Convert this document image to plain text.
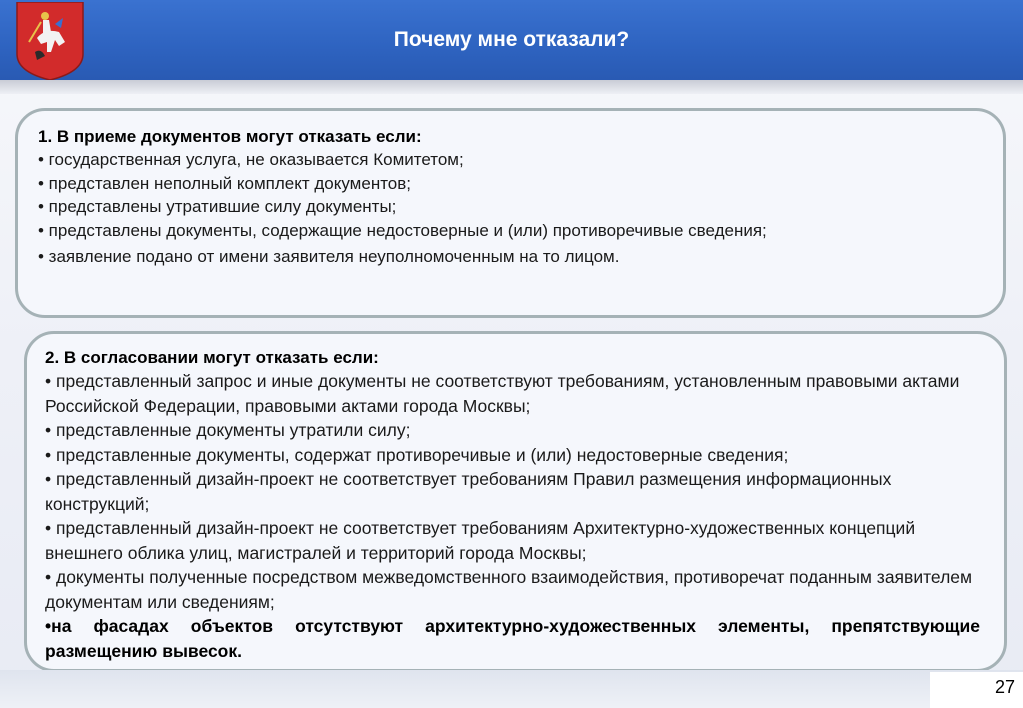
Почему мне отказали?
1. В приеме документов могут отказать если:
• государственная услуга, не оказывается Комитетом;
• представлен неполный комплект документов;
• представлены утратившие силу документы;
• представлены документы, содержащие недостоверные и (или) противоречивые сведения;
• заявление подано от имени заявителя неуполномоченным на то лицом.
2. В согласовании могут отказать если:
• представленный запрос и иные документы не соответствуют требованиям, установленным правовыми актами Российской Федерации, правовыми актами города Москвы;
• представленные документы утратили силу;
• представленные документы, содержат противоречивые и (или) недостоверные сведения;
• представленный дизайн-проект не соответствует требованиям Правил размещения информационных конструкций;
• представленный дизайн-проект не соответствует требованиям Архитектурно-художественных концепций внешнего облика улиц, магистралей и территорий города Москвы;
• документы полученные посредством межведомственного взаимодействия, противоречат поданным заявителем документам или сведениям;
•на фасадах объектов отсутствуют архитектурно-художественных элементы, препятствующие размещению вывесок.
27
